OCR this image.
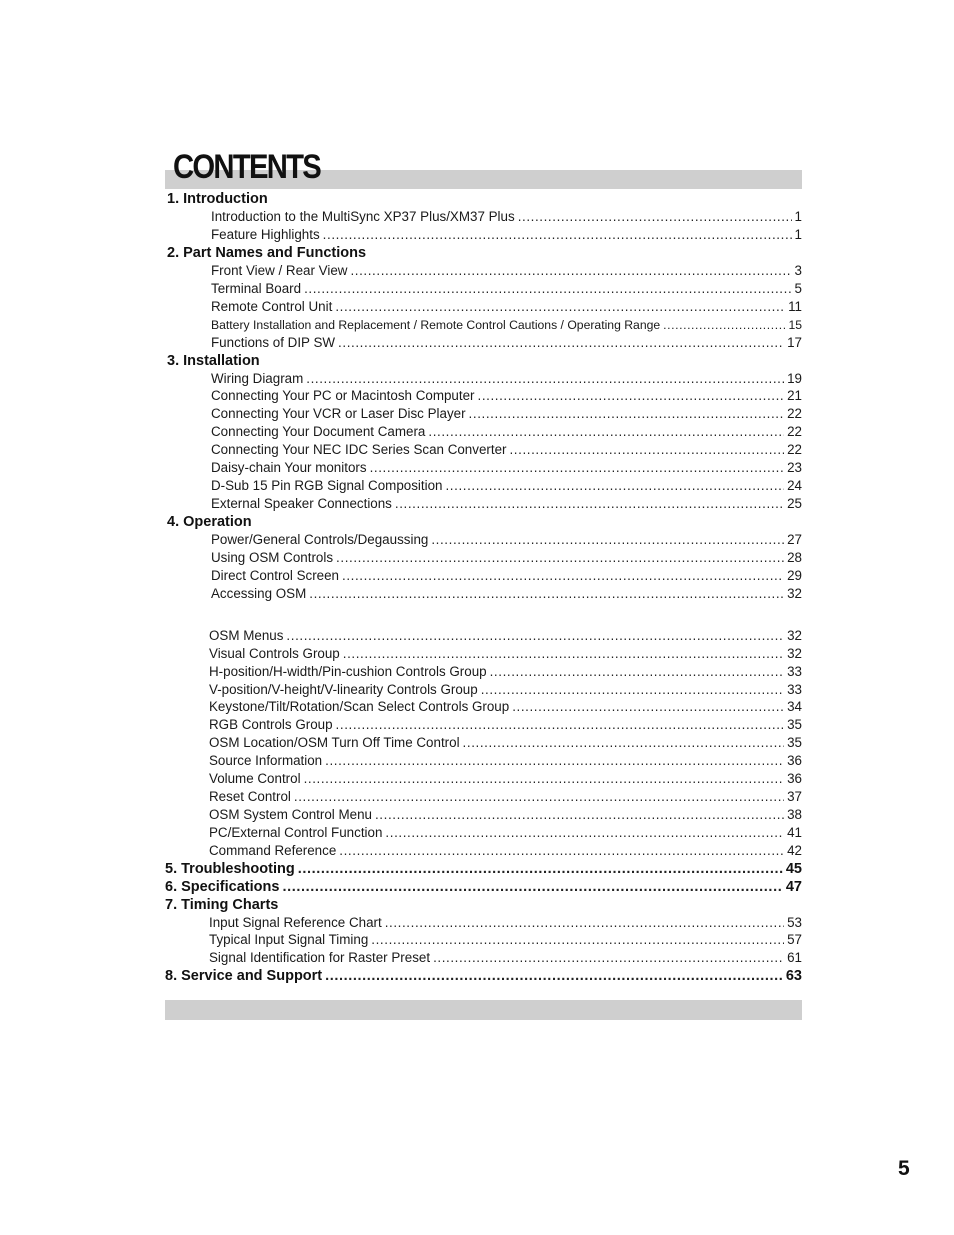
CONTENTS
1. Introduction
Introduction to the MultiSync XP37 Plus/XM37 Plus .....	1
Feature Highlights .....	1
2. Part Names and Functions
Front View / Rear View .....	3
Terminal Board .....	5
Remote Control Unit .....	11
Battery Installation and Replacement / Remote Control Cautions / Operating Range .....	15
Functions of DIP SW .....	17
3. Installation
Wiring Diagram .....	19
Connecting Your PC or Macintosh Computer .....	21
Connecting Your VCR or Laser Disc Player .....	22
Connecting Your Document Camera .....	22
Connecting Your NEC IDC Series Scan Converter .....	22
Daisy-chain Your monitors .....	23
D-Sub 15 Pin RGB Signal Composition .....	24
External Speaker Connections .....	25
4. Operation
Power/General Controls/Degaussing .....	27
Using OSM Controls .....	28
Direct Control Screen .....	29
Accessing OSM .....	32
OSM Menus .....	32
Visual Controls Group .....	32
H-position/H-width/Pin-cushion Controls Group .....	33
V-position/V-height/V-linearity Controls Group .....	33
Keystone/Tilt/Rotation/Scan Select Controls Group .....	34
RGB Controls Group .....	35
OSM Location/OSM Turn Off Time Control .....	35
Source Information .....	36
Volume Control .....	36
Reset Control .....	37
OSM System Control Menu .....	38
PC/External Control Function .....	41
Command Reference .....	42
5. Troubleshooting .....	45
6. Specifications .....	47
7. Timing Charts
Input Signal Reference Chart .....	53
Typical Input Signal Timing .....	57
Signal Identification for Raster Preset .....	61
8. Service and Support .....	63
5
